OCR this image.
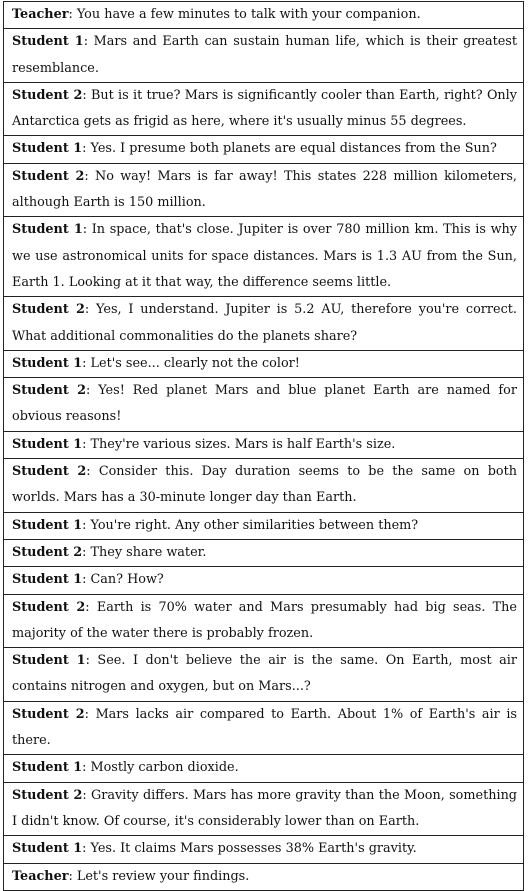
Teacher: You have a few minutes to talk with your companion.
Student 1: Mars and Earth can sustain human life, which is their greatest resemblance.
Student 2: But is it true? Mars is significantly cooler than Earth, right? Only Antarctica gets as frigid as here, where it's usually minus 55 degrees.
Student 1: Yes. I presume both planets are equal distances from the Sun?
Student 2: No way! Mars is far away! This states 228 million kilometers, although Earth is 150 million.
Student 1: In space, that's close. Jupiter is over 780 million km. This is why we use astronomical units for space distances. Mars is 1.3 AU from the Sun, Earth 1. Looking at it that way, the difference seems little.
Student 2: Yes, I understand. Jupiter is 5.2 AU, therefore you're correct. What additional commonalities do the planets share?
Student 1: Let's see... clearly not the color!
Student 2: Yes! Red planet Mars and blue planet Earth are named for obvious reasons!
Student 1: They're various sizes. Mars is half Earth's size.
Student 2: Consider this. Day duration seems to be the same on both worlds. Mars has a 30-minute longer day than Earth.
Student 1: You're right. Any other similarities between them?
Student 2: They share water.
Student 1: Can? How?
Student 2: Earth is 70% water and Mars presumably had big seas. The majority of the water there is probably frozen.
Student 1: See. I don't believe the air is the same. On Earth, most air contains nitrogen and oxygen, but on Mars...?
Student 2: Mars lacks air compared to Earth. About 1% of Earth's air is there.
Student 1: Mostly carbon dioxide.
Student 2: Gravity differs. Mars has more gravity than the Moon, something I didn't know. Of course, it's considerably lower than on Earth.
Student 1: Yes. It claims Mars possesses 38% Earth's gravity.
Teacher: Let's review your findings.
